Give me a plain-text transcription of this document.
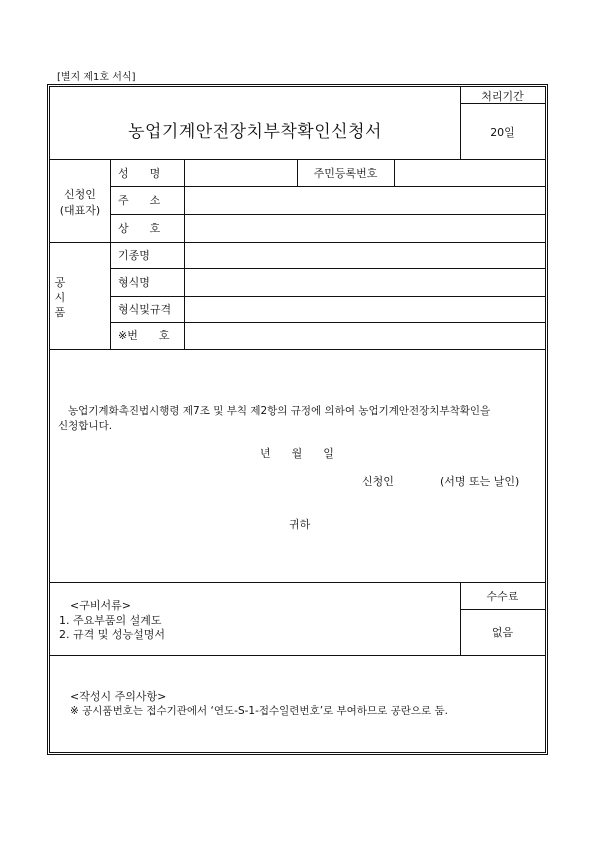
[별지 제1호 서식]
농업기계안전장치부착확인신청서
처리기간
20일
신청인
(대표자)
성      명	주민등록번호
주      소
상      호
공
시
품
기종명
형식명
형식및규격
※번      호
농업기계화촉진법시행령 제7조 및 부칙 제2항의 규정에 의하여 농업기계안전장치부착확인을
신청합니다.
년      월      일
신청인	(서명 또는 날인)
귀하
<구비서류>
1. 주요부품의 설계도
2. 규격 및 성능설명서
수수료
없음
<작성시 주의사항>
※ 공시품번호는 접수기관에서 ‘연도-S-1-접수일련번호’로 부여하므로 공란으로 둠.
